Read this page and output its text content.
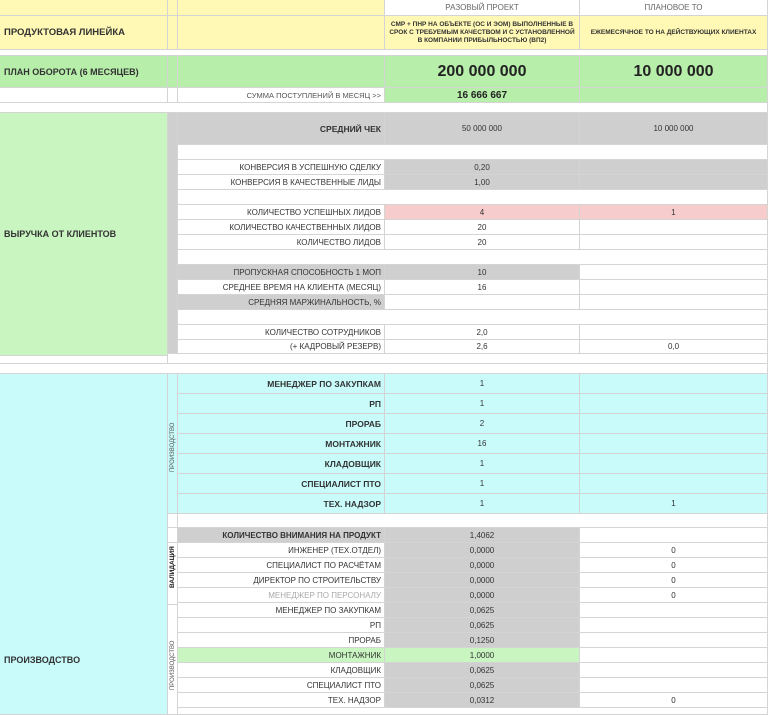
РАЗОВЫЙ ПРОЕКТ	ПЛАНОВОЕ ТО
ПРОДУКТОВАЯ ЛИНЕЙКА
СМР + ПНР НА ОБЪЕКТЕ (ОС И ЭОМ) ВЫПОЛНЕННЫЕ В СРОК С ТРЕБУЕМЫМ КАЧЕСТВОМ И С УСТАНОВЛЕННОЙ В КОМПАНИИ ПРИБЫЛЬНОСТЬЮ (ВП2)
ЕЖЕМЕСЯЧНОЕ ТО НА ДЕЙСТВУЮЩИХ КЛИЕНТАХ
ПЛАН ОБОРОТА (6 МЕСЯЦЕВ)	200 000 000	10 000 000
СУММА ПОСТУПЛЕНИЙ В МЕСЯЦ >>	16 666 667
ВЫРУЧКА ОТ КЛИЕНТОВ
СРЕДНИЙ ЧЕК	50 000 000	10 000 000
КОНВЕРСИЯ В УСПЕШНУЮ СДЕЛКУ	0,20
КОНВЕРСИЯ В КАЧЕСТВЕННЫЕ ЛИДЫ	1,00
КОЛИЧЕСТВО УСПЕШНЫХ ЛИДОВ	4	1
КОЛИЧЕСТВО КАЧЕСТВЕННЫХ ЛИДОВ	20
КОЛИЧЕСТВО ЛИДОВ	20
ПРОПУСКНАЯ СПОСОБНОСТЬ 1 МОП	10
СРЕДНЕЕ ВРЕМЯ НА КЛИЕНТА (МЕСЯЦ)	16
СРЕДНЯЯ МАРЖИНАЛЬНОСТЬ, %
КОЛИЧЕСТВО СОТРУДНИКОВ	2,0
(+ КАДРОВЫЙ РЕЗЕРВ)	2,6	0,0
ПРОИЗВОДСТВО
ПРОИЗВОДСТВО
МЕНЕДЖЕР ПО ЗАКУПКАМ	1
РП	1
ПРОРАБ	2
МОНТАЖНИК	16
КЛАДОВЩИК	1
СПЕЦИАЛИСТ ПТО	1
ТЕХ. НАДЗОР	1	1
КОЛИЧЕСТВО ВНИМАНИЯ НА ПРОДУКТ	1,4062
ВАЛИДАЦИЯ	ИНЖЕНЕР (ТЕХ.ОТДЕЛ)	0,0000	0
СПЕЦИАЛИСТ ПО РАСЧЁТАМ	0,0000	0
ДИРЕКТОР ПО СТРОИТЕЛЬСТВУ	0,0000	0
МЕНЕДЖЕР ПО ПЕРСОНАЛУ	0,0000	0
ПРОИЗВОДСТВО
МЕНЕДЖЕР ПО ЗАКУПКАМ	0,0625
РП	0,0625
ПРОРАБ	0,1250
МОНТАЖНИК	1,0000
КЛАДОВЩИК	0,0625
СПЕЦИАЛИСТ ПТО	0,0625
ТЕХ. НАДЗОР	0,0312	0
